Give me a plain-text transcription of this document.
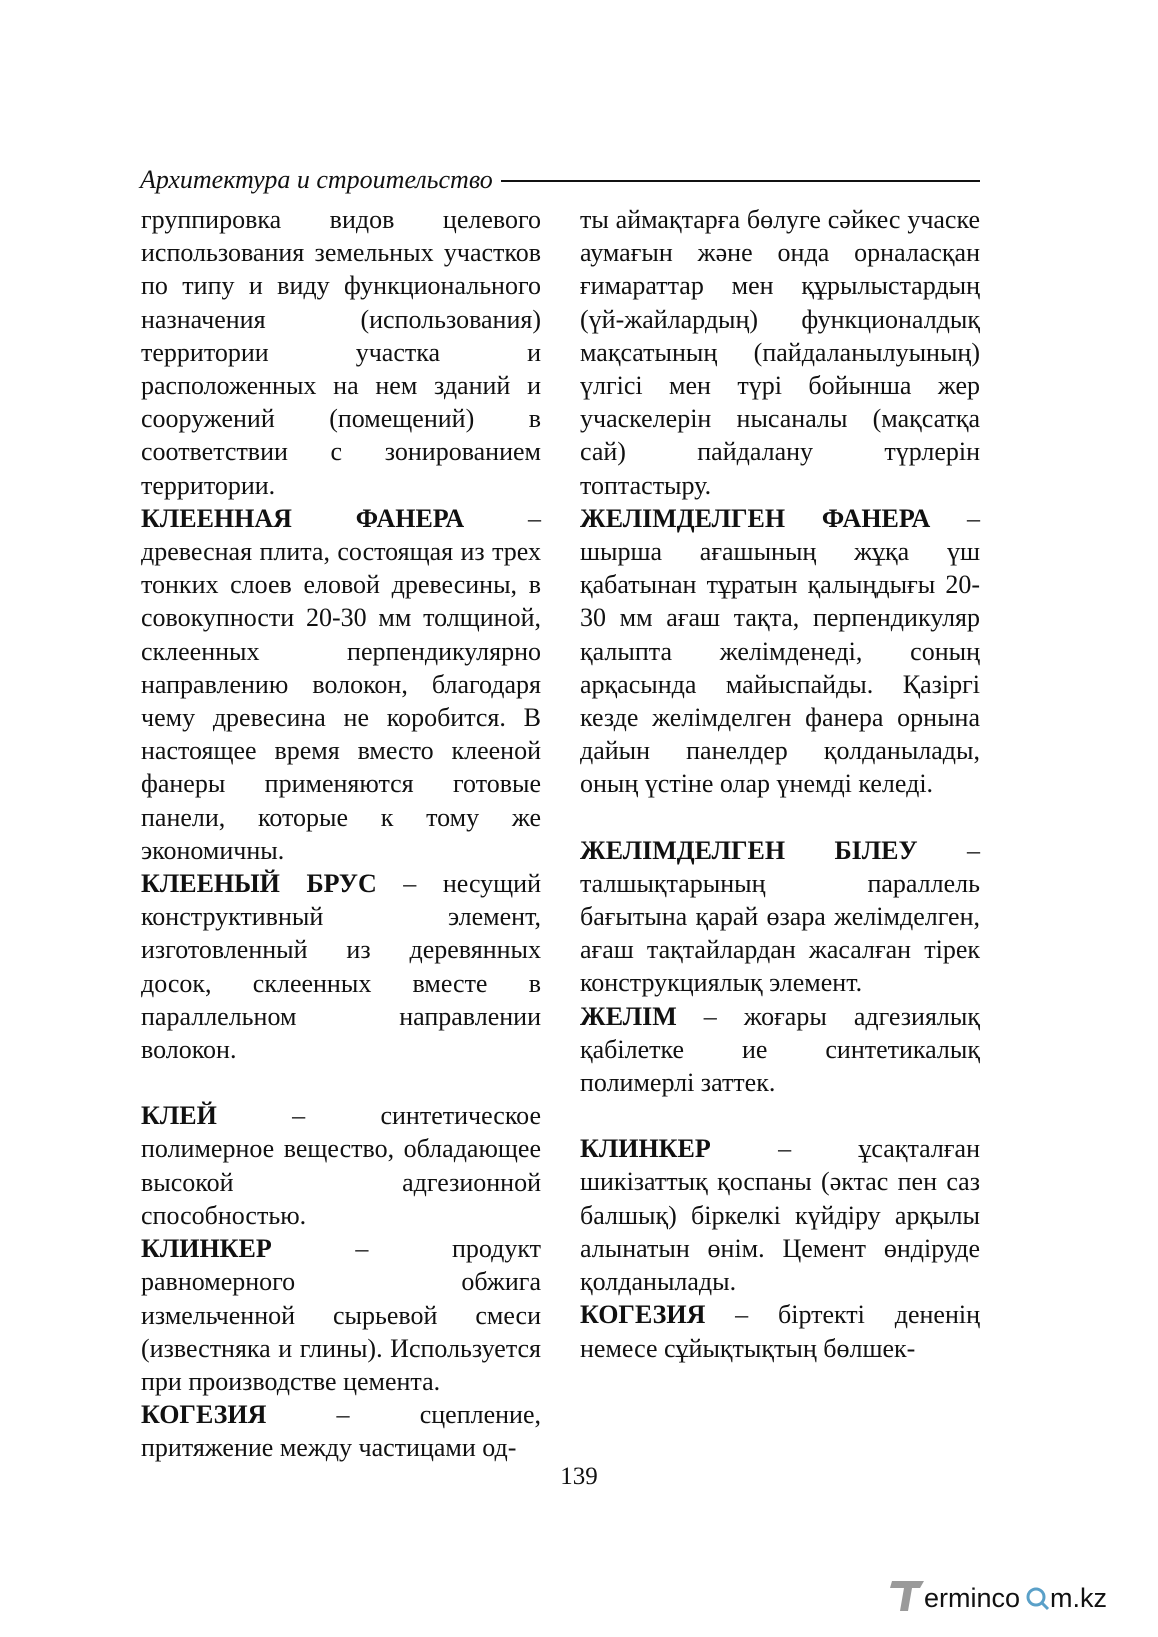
Архитектура и строительство

группировка видов целевого использования земельных участков по типу и виду функционального назначения (использования) территории участка и расположенных на нем зданий и сооружений (помещений) в соответствии с зонированием территории.

КЛЕЕННАЯ ФАНЕРА – древесная плита, состоящая из трех тонких слоев еловой древесины, в совокупности 20-30 мм толщиной, склеенных перпендикулярно направлению волокон, благодаря чему древесина не коробится. В настоящее время вместо клееной фанеры применяются готовые панели, которые к тому же экономичны.

КЛЕЕНЫЙ БРУС – несущий конструктивный элемент, изготовленный из деревянных досок, склеенных вместе в параллельном направлении волокон.

КЛЕЙ – синтетическое полимерное вещество, обладающее высокой адгезионной способностью.

КЛИНКЕР – продукт равномерного обжига измельченной сырьевой смеси (известняка и глины). Используется при производстве цемента.

КОГЕЗИЯ – сцепление, притяжение между частицами од-

ты аймақтарға бөлуге сәйкес учаске аумағын және онда орналасқан ғимараттар мен құрылыстардың (үй-жайлардың) функционалдық мақсатының (пайдаланылуының) үлгісі мен түрі бойынша жер учаскелерін нысаналы (мақсатқа сай) пайдалану түрлерін топтастыру.

ЖЕЛІМДЕЛГЕН ФАНЕРА – шырша ағашының жұқа үш қабатынан тұратын қалыңдығы 20-30 мм ағаш тақта, перпендикуляр қалыпта желімденеді, соның арқасында майыспайды. Қазіргі кезде желімделген фанера орнына дайын панелдер қолданылады, оның үстіне олар үнемді келеді.

ЖЕЛІМДЕЛГЕН БІЛЕУ – талшықтарының параллель бағытына қарай өзара желімделген, ағаш тақтайлардан жасалған тірек конструкциялық элемент.

ЖЕЛІМ – жоғары адгезиялық қабілетке ие синтетикалық полимерлі заттек.

КЛИНКЕР – ұсақталған шикізаттық қоспаны (әктас пен саз балшық) біркелкі күйдіру арқылы алынатын өнім. Цемент өндіруде қолданылады.

КОГЕЗИЯ – біртекті дененің немесе сұйықтықтың бөлшек-

139
ermincо m.kz
